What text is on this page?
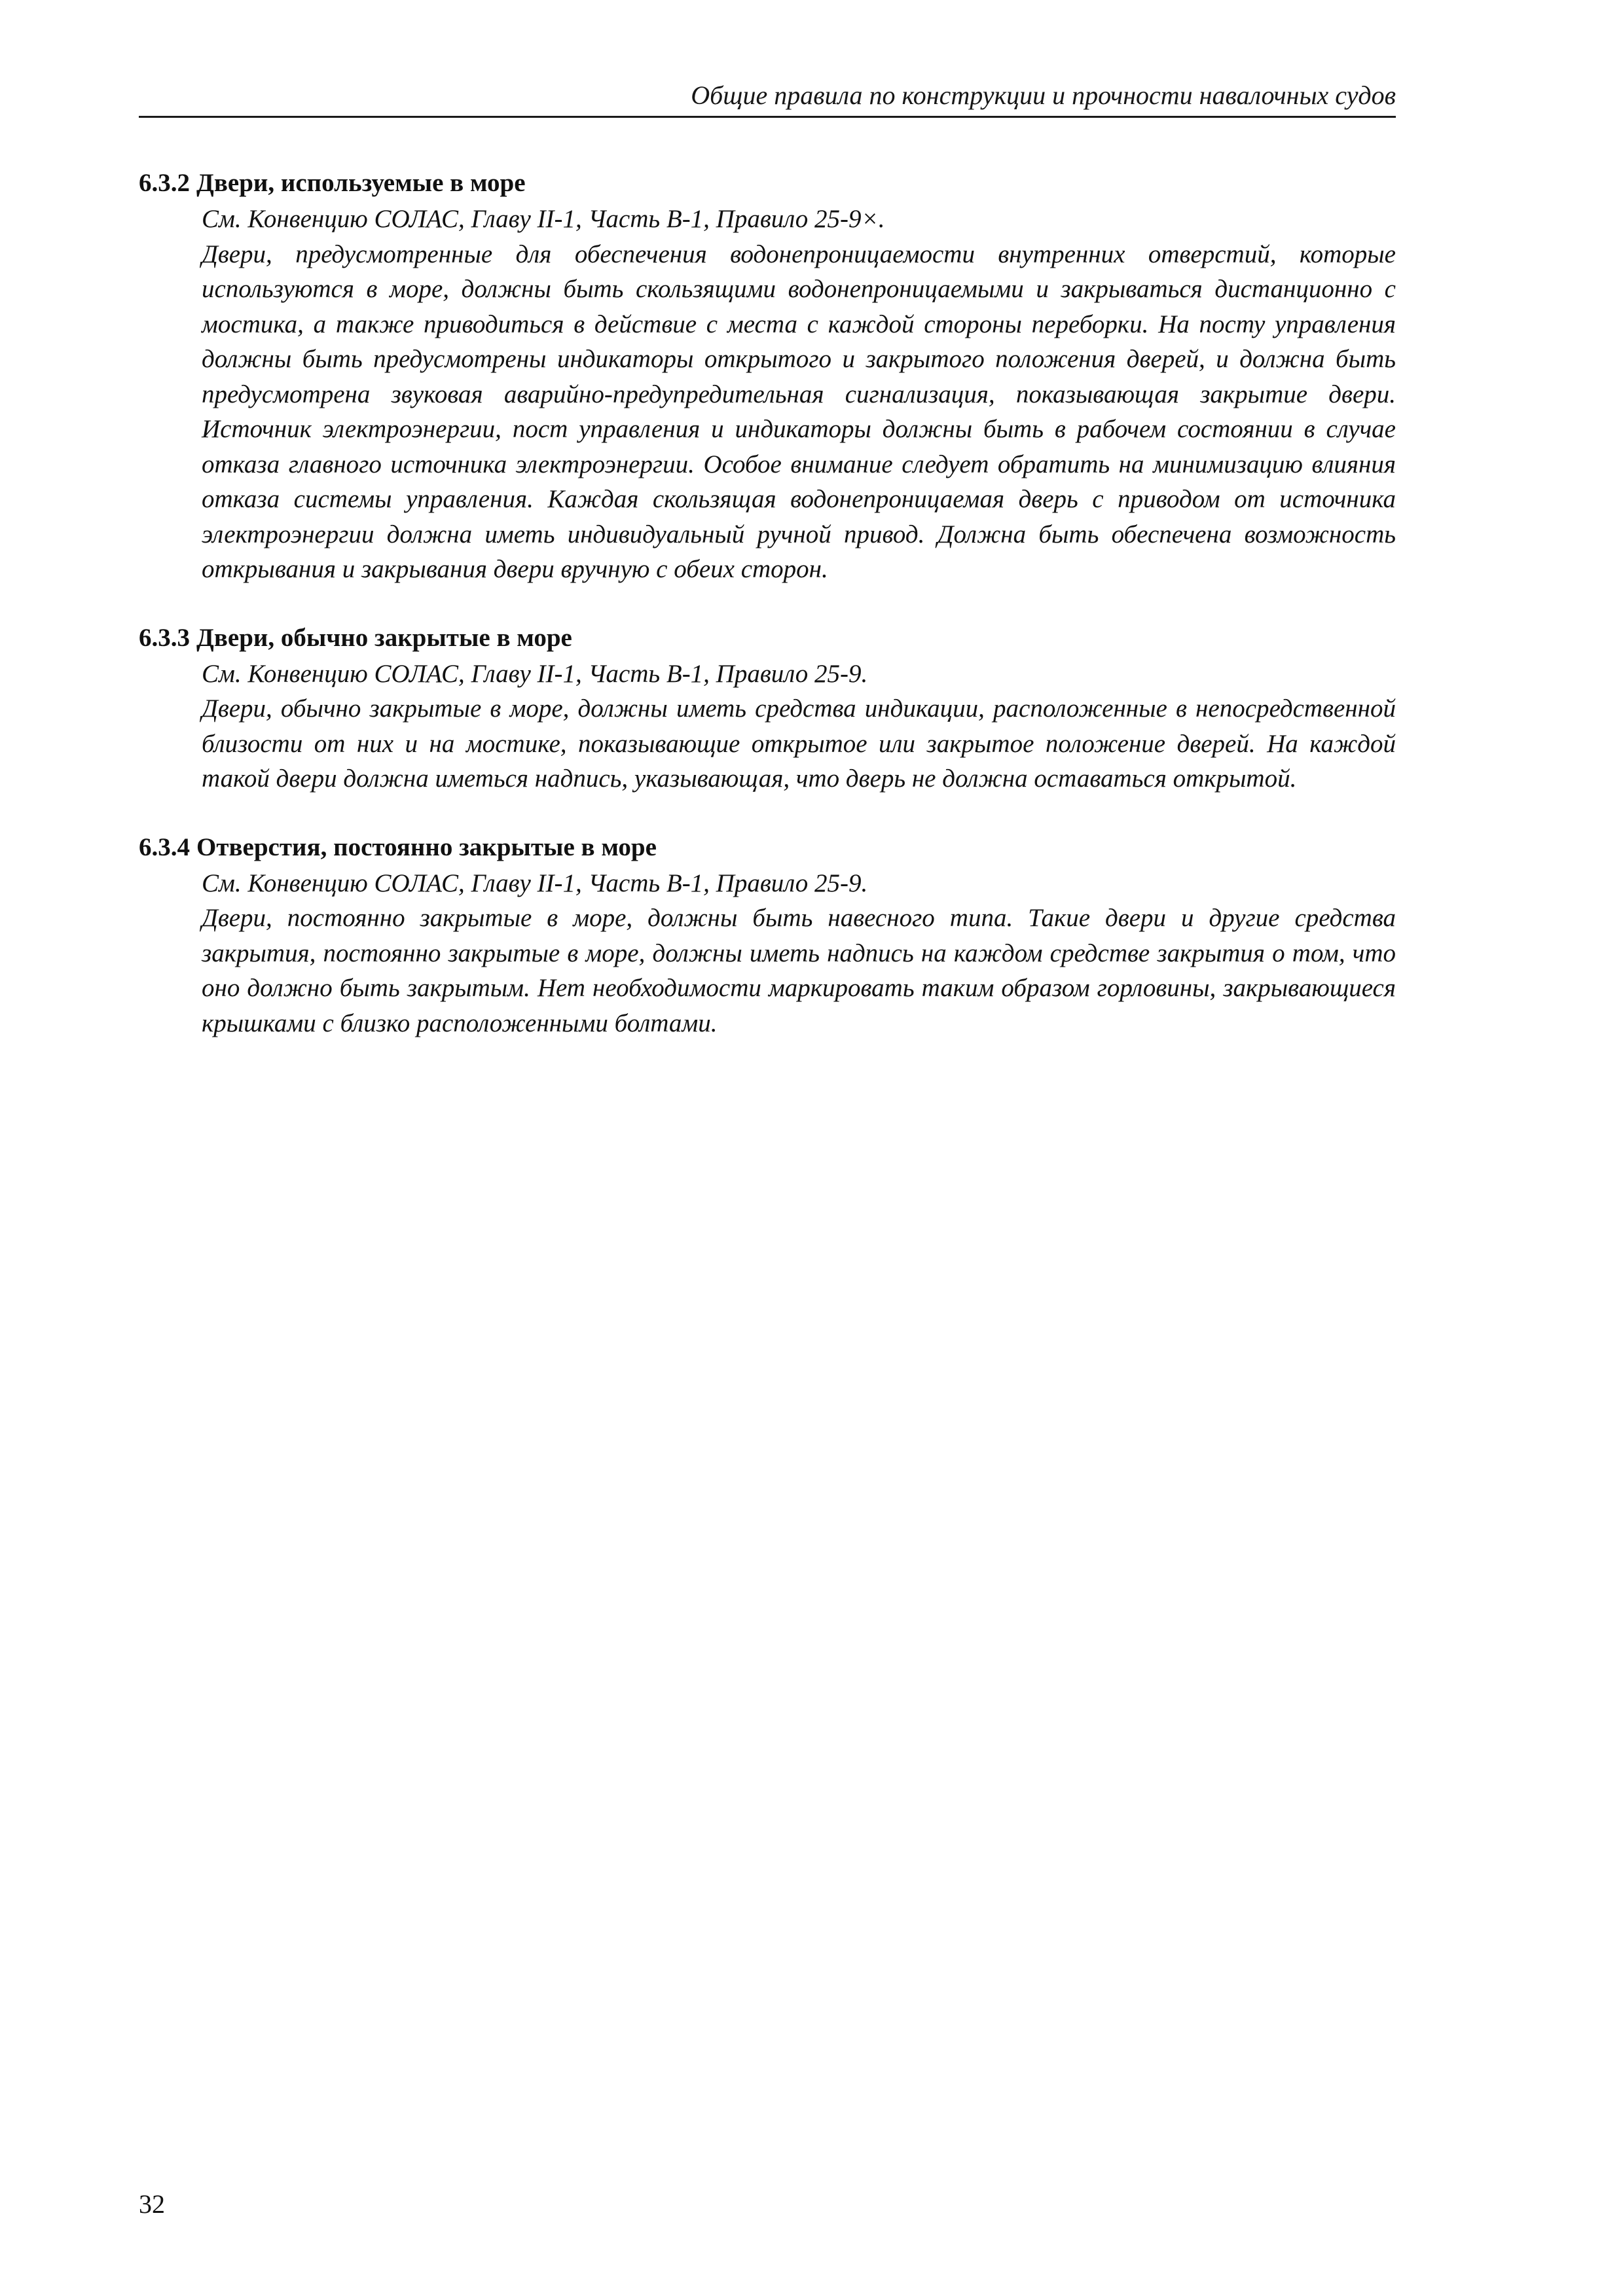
Общие правила по конструкции и прочности навалочных судов

6.3.2 Двери, используемые в море

См. Конвенцию СОЛАС, Главу II-1, Часть В-1, Правило 25-9×.

Двери, предусмотренные для обеспечения водонепроницаемости внутренних отверстий, которые используются в море, должны быть скользящими водонепроницаемыми и закрываться дистанционно с мостика, а также приводиться в действие с места с каждой стороны переборки. На посту управления должны быть предусмотрены индикаторы открытого и закрытого положения дверей, и должна быть предусмотрена звуковая аварийно-предупредительная сигнализация, показывающая закрытие двери. Источник электроэнергии, пост управления и индикаторы должны быть в рабочем состоянии в случае отказа главного источника электроэнергии. Особое внимание следует обратить на минимизацию влияния отказа системы управления. Каждая скользящая водонепроницаемая дверь с приводом от источника электроэнергии должна иметь индивидуальный ручной привод. Должна быть обеспечена возможность открывания и закрывания двери вручную с обеих сторон.

6.3.3 Двери, обычно закрытые в море

См. Конвенцию СОЛАС, Главу II-1, Часть В-1, Правило 25-9.

Двери, обычно закрытые в море, должны иметь средства индикации, расположенные в непосредственной близости от них и на мостике, показывающие открытое или закрытое положение дверей. На каждой такой двери должна иметься надпись, указывающая, что дверь не должна оставаться открытой.

6.3.4 Отверстия, постоянно закрытые в море

См. Конвенцию СОЛАС, Главу II-1, Часть В-1, Правило 25-9.

Двери, постоянно закрытые в море, должны быть навесного типа. Такие двери и другие средства закрытия, постоянно закрытые в море, должны иметь надпись на каждом средстве закрытия о том, что оно должно быть закрытым. Нет необходимости маркировать таким образом горловины, закрывающиеся крышками с близко расположенными болтами.

32
